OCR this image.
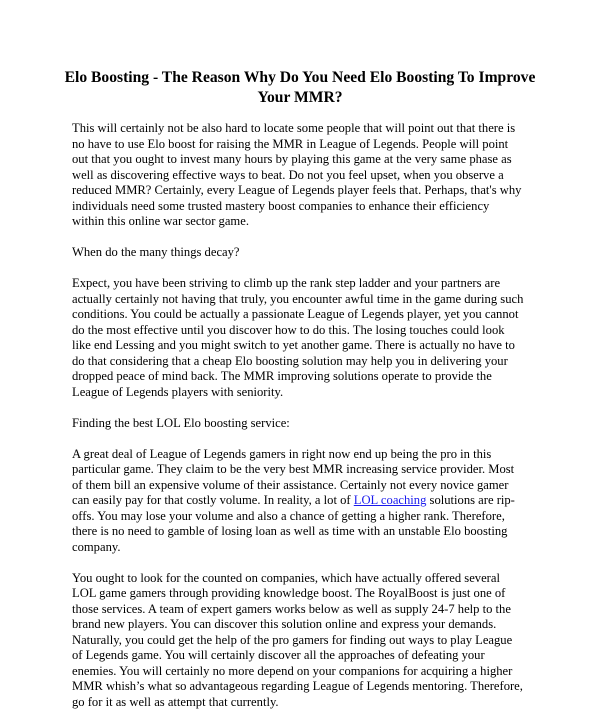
Elo Boosting - The Reason Why Do You Need Elo Boosting To Improve Your MMR?

This will certainly not be also hard to locate some people that will point out that there is no have to use Elo boost for raising the MMR in League of Legends. People will point out that you ought to invest many hours by playing this game at the very same phase as well as discovering effective ways to beat. Do not you feel upset, when you observe a reduced MMR? Certainly, every League of Legends player feels that. Perhaps, that's why individuals need some trusted mastery boost companies to enhance their efficiency within this online war sector game.

When do the many things decay?

Expect, you have been striving to climb up the rank step ladder and your partners are actually certainly not having that truly, you encounter awful time in the game during such conditions. You could be actually a passionate League of Legends player, yet you cannot do the most effective until you discover how to do this. The losing touches could look like end Lessing and you might switch to yet another game. There is actually no have to do that considering that a cheap Elo boosting solution may help you in delivering your dropped peace of mind back. The MMR improving solutions operate to provide the League of Legends players with seniority.

Finding the best LOL Elo boosting service:

A great deal of League of Legends gamers in right now end up being the pro in this particular game. They claim to be the very best MMR increasing service provider. Most of them bill an expensive volume of their assistance. Certainly not every novice gamer can easily pay for that costly volume. In reality, a lot of LOL coaching solutions are rip-offs. You may lose your volume and also a chance of getting a higher rank. Therefore, there is no need to gamble of losing loan as well as time with an unstable Elo boosting company.

You ought to look for the counted on companies, which have actually offered several LOL game gamers through providing knowledge boost. The RoyalBoost is just one of those services. A team of expert gamers works below as well as supply 24-7 help to the brand new players. You can discover this solution online and express your demands. Naturally, you could get the help of the pro gamers for finding out ways to play League of Legends game. You will certainly discover all the approaches of defeating your enemies. You will certainly no more depend on your companions for acquiring a higher MMR whish’s what so advantageous regarding League of Legends mentoring. Therefore, go for it as well as attempt that currently.
